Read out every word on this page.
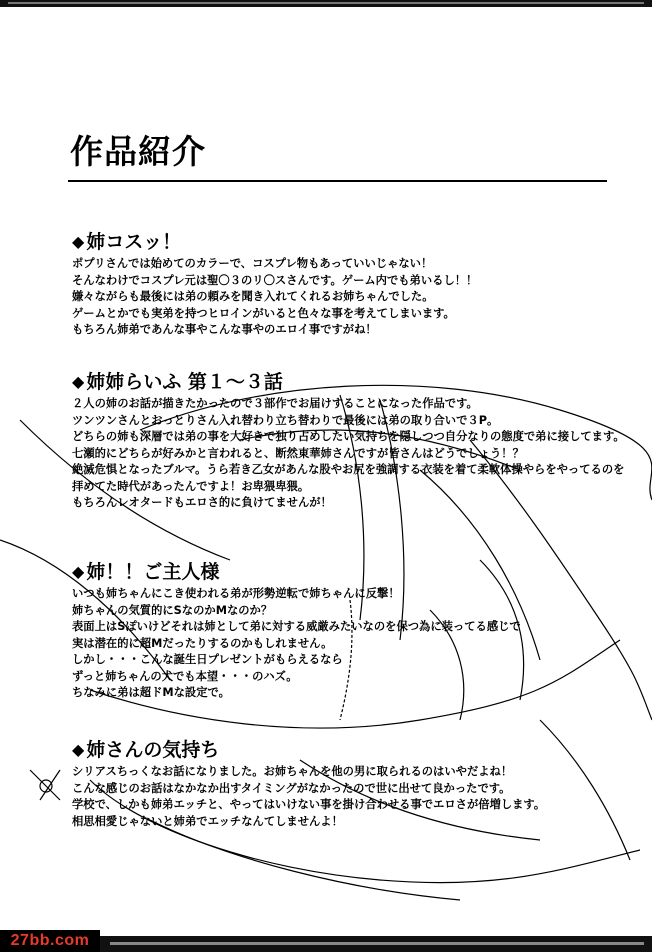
作品紹介
◆ 姉コスッ！
ポプリさんでは始めてのカラーで、コスプレ物もあっていいじゃない！
そんなわけでコスプレ元は聖〇３のリ〇スさんです。ゲーム内でも弟いるし！！
嫌々ながらも最後には弟の頼みを聞き入れてくれるお姉ちゃんでした。
ゲームとかでも実弟を持つヒロインがいると色々な事を考えてしまいます。
もちろん姉弟であんな事やこんな事やのエロイ事ですがね！
◆ 姉姉らいふ 第１～３話
２人の姉のお話が描きたかったので３部作でお届けすることになった作品です。
ツンツンさんとおっとりさん入れ替わり立ち替わりで最後には弟の取り合いで３P。
どちらの姉も深層では弟の事を大好きで独り占めしたい気持ちを隠しつつ自分なりの態度で弟に接してます。
七瀬的にどちらが好みかと言われると、断然東華姉さんですが皆さんはどうでしょう！？
絶滅危惧となったブルマ。うら若き乙女があんな股やお尻を強調する衣装を着て柔軟体操やらをやってるのを
拝めてた時代があったんですよ！お卑猥卑猥。
もちろんレオタードもエロさ的に負けてませんが！
◆ 姉！！ご主人様
いつも姉ちゃんにこき使われる弟が形勢逆転で姉ちゃんに反撃！
姉ちゃんの気質的にSなのかMなのか？
表面上はSぽいけどそれは姉として弟に対する威厳みたいなのを保つ為に装ってる感じで
実は潜在的に超Mだったりするのかもしれません。
しかし・・・こんな誕生日プレゼントがもらえるなら
ずっと姉ちゃんの犬でも本望・・・のハズ。
ちなみに弟は超ドMな設定で。
◆ 姉さんの気持ち
シリアスちっくなお話になりました。お姉ちゃんを他の男に取られるのはいやだよね！
こんな感じのお話はなかなか出すタイミングがなかったので世に出せて良かったです。
学校で、しかも姉弟エッチと、やってはいけない事を掛け合わせる事でエロさが倍増します。
相思相愛じゃないと姉弟でエッチなんてしませんよ！
27bb.com
